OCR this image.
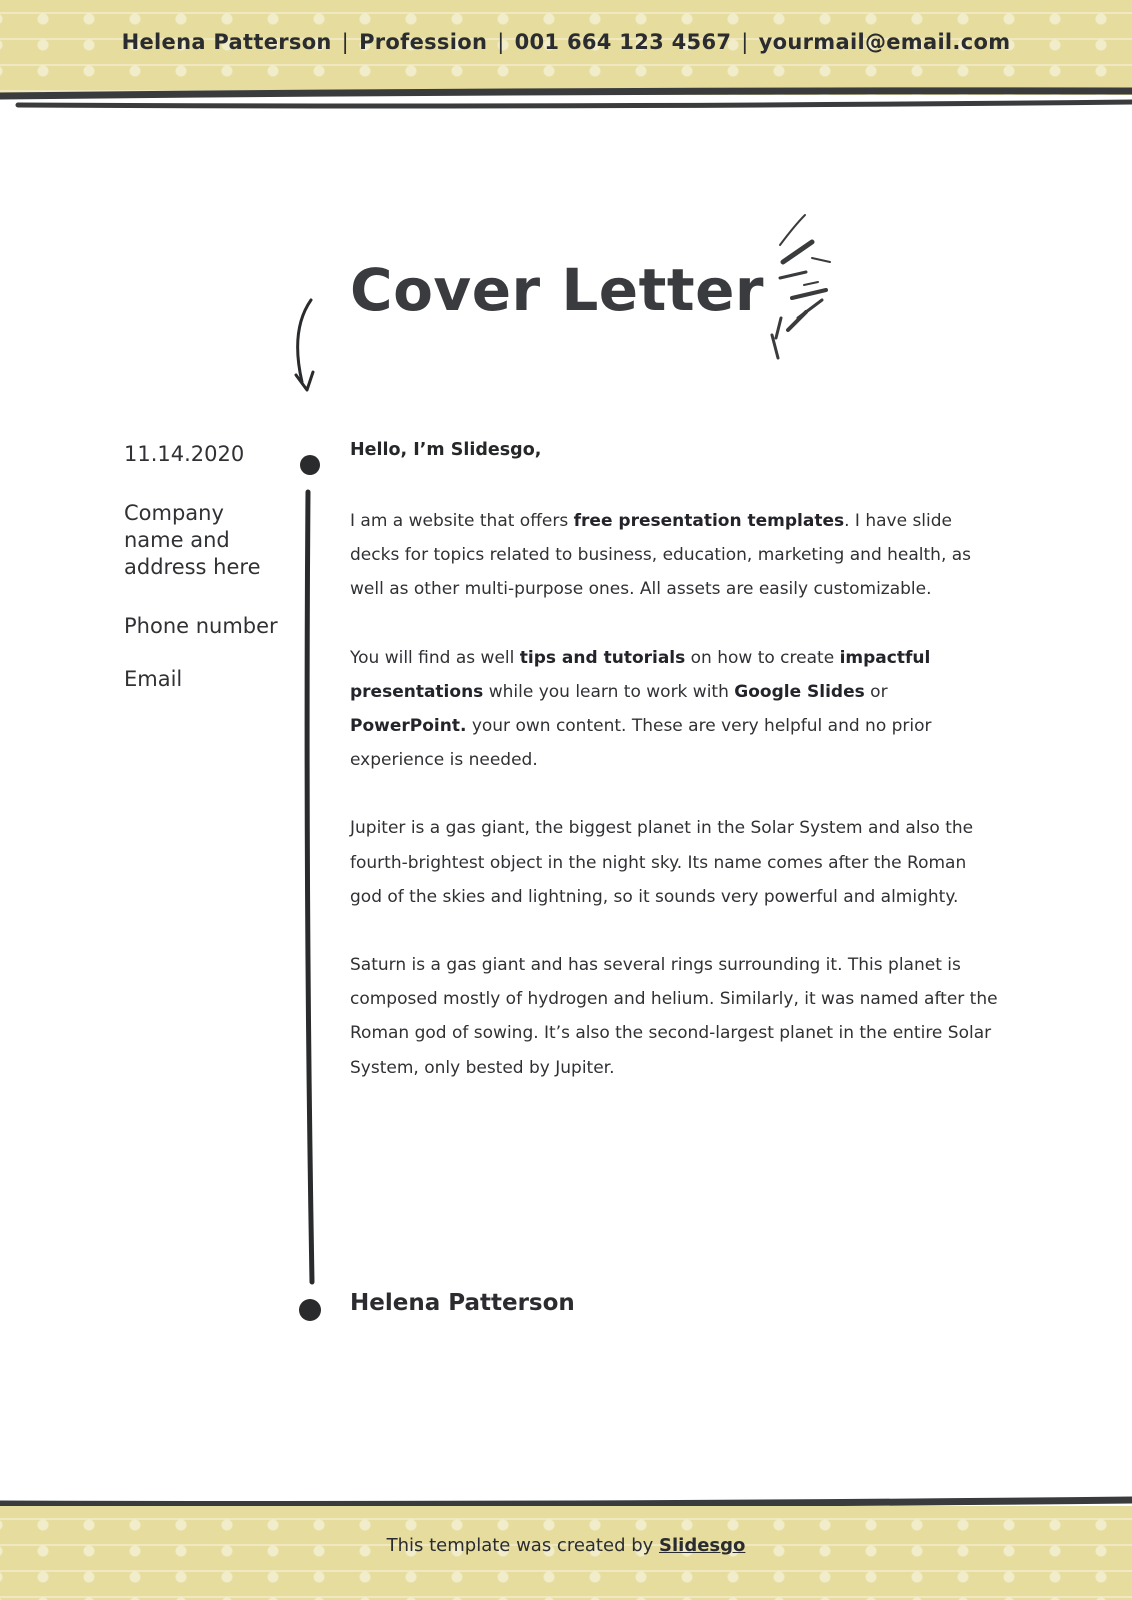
Helena Patterson | Profession | 001 664 123 4567 | yourmail@email.com
Cover Letter
11.14.2020
Company name and address here
Phone number
Email
Hello, I’m Slidesgo,

I am a website that offers free presentation templates. I have slide decks for topics related to business, education, marketing and health, as well as other multi-purpose ones. All assets are easily customizable.

You will find as well tips and tutorials on how to create impactful presentations while you learn to work with Google Slides or PowerPoint. your own content. These are very helpful and no prior experience is needed.

Jupiter is a gas giant, the biggest planet in the Solar System and also the fourth-brightest object in the night sky. Its name comes after the Roman god of the skies and lightning, so it sounds very powerful and almighty.

Saturn is a gas giant and has several rings surrounding it. This planet is composed mostly of hydrogen and helium. Similarly, it was named after the Roman god of sowing. It’s also the second-largest planet in the entire Solar System, only bested by Jupiter.

Helena Patterson
This template was created by Slidesgo
